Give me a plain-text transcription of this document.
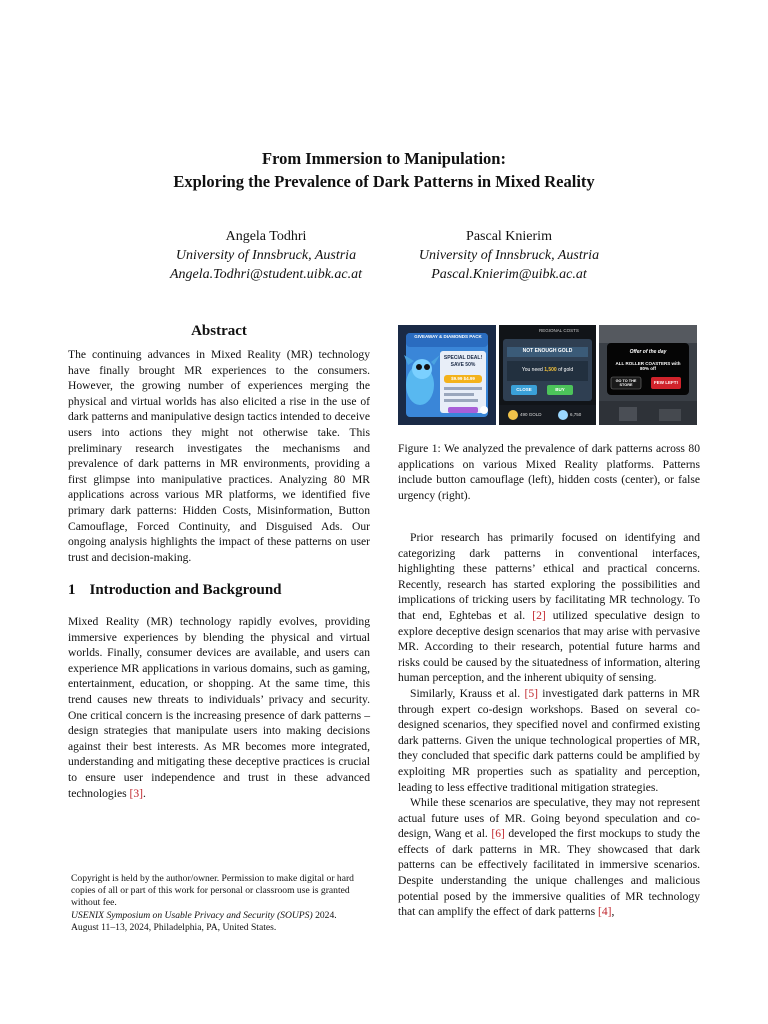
From Immersion to Manipulation:
Exploring the Prevalence of Dark Patterns in Mixed Reality
Angela Todhri
University of Innsbruck, Austria
Angela.Todhri@student.uibk.ac.at
Pascal Knierim
University of Innsbruck, Austria
Pascal.Knierim@uibk.ac.at
Abstract

The continuing advances in Mixed Reality (MR) technology have finally brought MR experiences to the consumers. However, the growing number of experiences merging the physical and virtual worlds has also elicited a rise in the use of dark patterns and manipulative design tactics intended to deceive users into actions they might not otherwise take. This preliminary research investigates the mechanisms and prevalence of dark patterns in MR environments, providing a first glimpse into manipulative practices. Analyzing 80 MR applications across various MR platforms, we identified five primary dark patterns: Hidden Costs, Misinformation, Button Camouflage, Forced Continuity, and Disguised Ads. Our ongoing analysis highlights the impact of these patterns on user trust and decision-making.

1 Introduction and Background

Mixed Reality (MR) technology rapidly evolves, providing immersive experiences by blending the physical and virtual worlds. Finally, consumer devices are available, and users can experience MR applications in various domains, such as gaming, entertainment, education, or shopping. At the same time, this trend causes new threats to individuals’ privacy and security. One critical concern is the increasing presence of dark patterns – design strategies that manipulate users into making decisions against their best interests. As MR becomes more integrated, understanding and mitigating these deceptive practices is crucial to ensure user independence and trust in these advanced technologies [3].

Copyright is held by the author/owner. Permission to make digital or hard copies of all or part of this work for personal or classroom use is granted without fee.
USENIX Symposium on Usable Privacy and Security (SOUPS) 2024.
August 11–13, 2024, Philadelphia, PA, United States.
GIVEAWAY & DIAMONDS PACK
SPECIAL DEAL!
SAVE 50%
$9.99 $4.99
REGIONAL COSTS
NOT ENOUGH GOLD
You need 1,500 of gold
CLOSE	BUY
490 GOLD	6,750
Offer of the day
ALL ROLLER COASTERS with 80% off
GO TO THE STORE	FEW LEFT!

Figure 1: We analyzed the prevalence of dark patterns across 80 applications on various Mixed Reality platforms. Patterns include button camouflage (left), hidden costs (center), or false urgency (right).

Prior research has primarily focused on identifying and categorizing dark patterns in conventional interfaces, highlighting these patterns’ ethical and practical concerns. Recently, research has started exploring the possibilities and implications of tricking users by facilitating MR technology. To that end, Eghtebas et al. [2] utilized speculative design to explore deceptive design scenarios that may arise with pervasive MR. According to their research, potential future harms and risks could be caused by the situatedness of information, altering human perception, and the inherent ubiquity of sensing.

Similarly, Krauss et al. [5] investigated dark patterns in MR through expert co-design workshops. Based on several co-designed scenarios, they specified novel and confirmed existing dark patterns. Given the unique technological properties of MR, they concluded that specific dark patterns could be amplified by exploiting MR properties such as spatiality and perception, leading to less effective traditional mitigation strategies.

While these scenarios are speculative, they may not represent actual future uses of MR. Going beyond speculation and co-design, Wang et al. [6] developed the first mockups to study the effects of dark patterns in MR. They showcased that dark patterns can be effectively facilitated in immersive scenarios. Despite understanding the unique challenges and malicious potential posed by the immersive qualities of MR technology that can amplify the effect of dark patterns [4],
